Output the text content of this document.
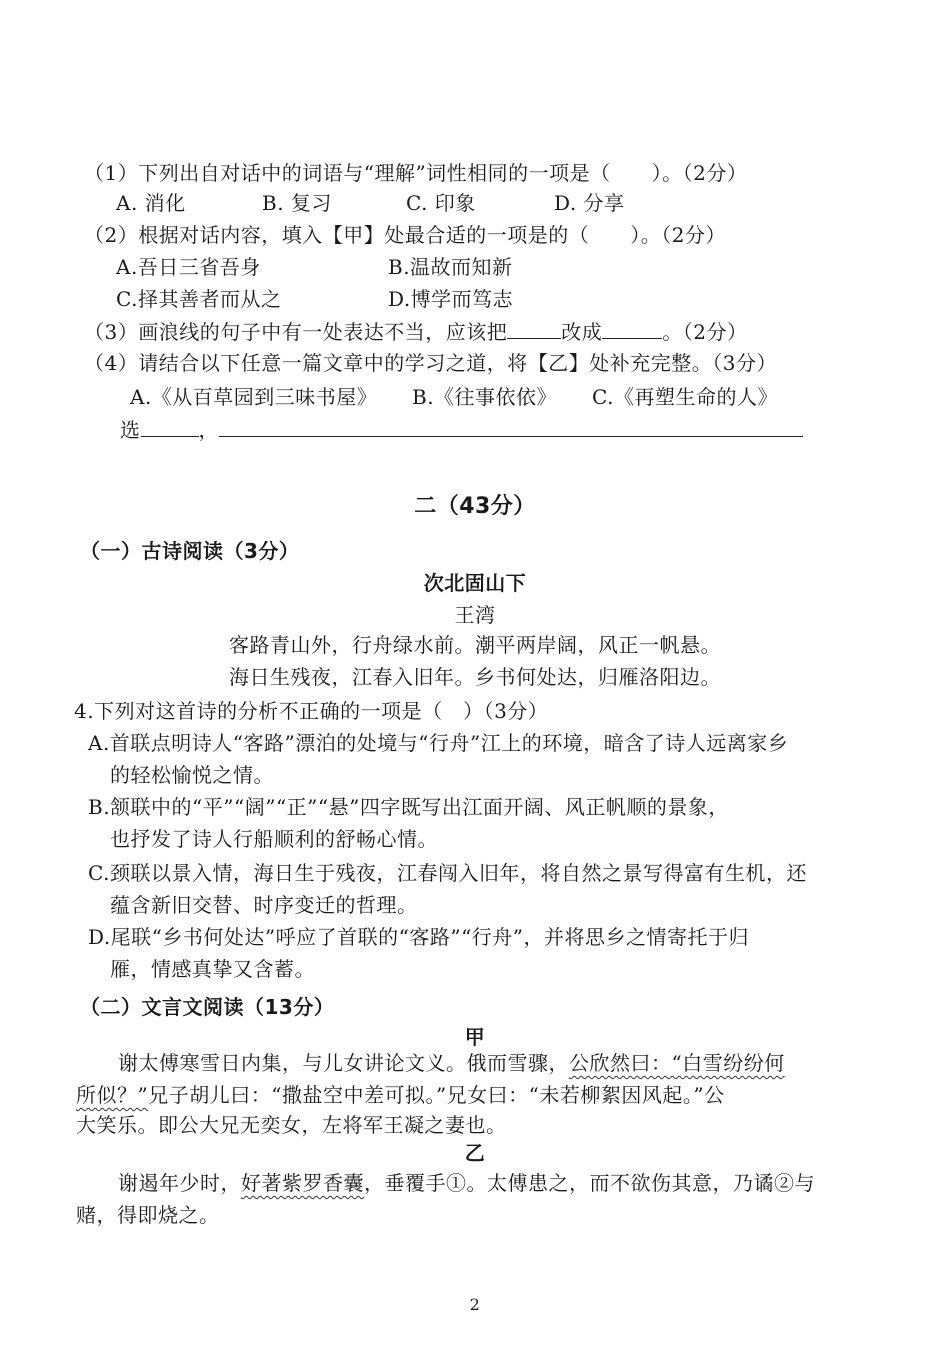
（1）下列出自对话中的词语与“理解”词性相同的一项是（　　）。（2分）
A. 消化	B. 复习	C. 印象	D. 分享
（2）根据对话内容，填入【甲】处最合适的一项是的（　　）。（2分）
A.吾日三省吾身	B.温故而知新
C.择其善者而从之	D.博学而笃志
（3）画浪线的句子中有一处表达不当，应该把	改成	。（2分）
（4）请结合以下任意一篇文章中的学习之道，将【乙】处补充完整。（3分）
A.《从百草园到三味书屋》 B.《往事依依》 C.《再塑生命的人》
选	，
二（43分）
（一）古诗阅读（3分）
次北固山下
王湾
客路青山外，行舟绿水前。潮平两岸阔，风正一帆悬。
海日生残夜，江春入旧年。乡书何处达，归雁洛阳边。
4.下列对这首诗的分析不正确的一项是（　）（3分）
A.首联点明诗人“客路”漂泊的处境与“行舟”江上的环境，暗含了诗人远离家乡
的轻松愉悦之情。
B.颔联中的“平”“阔”“正”“悬”四字既写出江面开阔、风正帆顺的景象，
也抒发了诗人行船顺利的舒畅心情。
C.颈联以景入情，海日生于残夜，江春闯入旧年，将自然之景写得富有生机，还
蕴含新旧交替、时序变迁的哲理。
D.尾联“乡书何处达”呼应了首联的“客路”“行舟”，并将思乡之情寄托于归
雁，情感真挚又含蓄。
（二）文言文阅读（13分）
甲
谢太傅寒雪日内集，与儿女讲论文义。俄而雪骤，公欣然曰：“白雪纷纷何
所似？”兄子胡儿曰：“撒盐空中差可拟。”兄女曰：“未若柳絮因风起。”公
大笑乐。即公大兄无奕女，左将军王凝之妻也。
乙
谢遏年少时，好著紫罗香囊，垂覆手①。太傅患之，而不欲伤其意，乃谲②与
赌，得即烧之。
2
